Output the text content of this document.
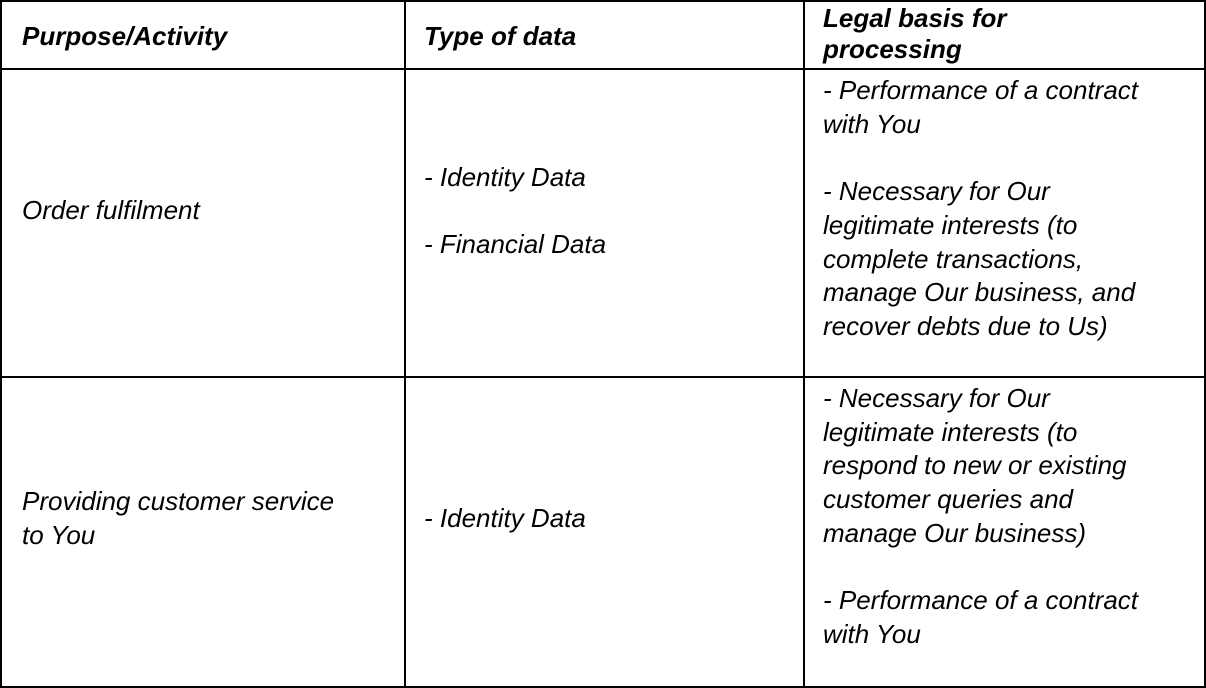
Purpose/Activity	Type of data
Legal basis for
processing
Order fulfilment
- Identity Data
- Financial Data
- Performance of a contract
with You
- Necessary for Our
legitimate interests (to
complete transactions,
manage Our business, and
recover debts due to Us)
Providing customer service
to You
- Identity Data
- Necessary for Our
legitimate interests (to
respond to new or existing
customer queries and
manage Our business)
- Performance of a contract
with You
